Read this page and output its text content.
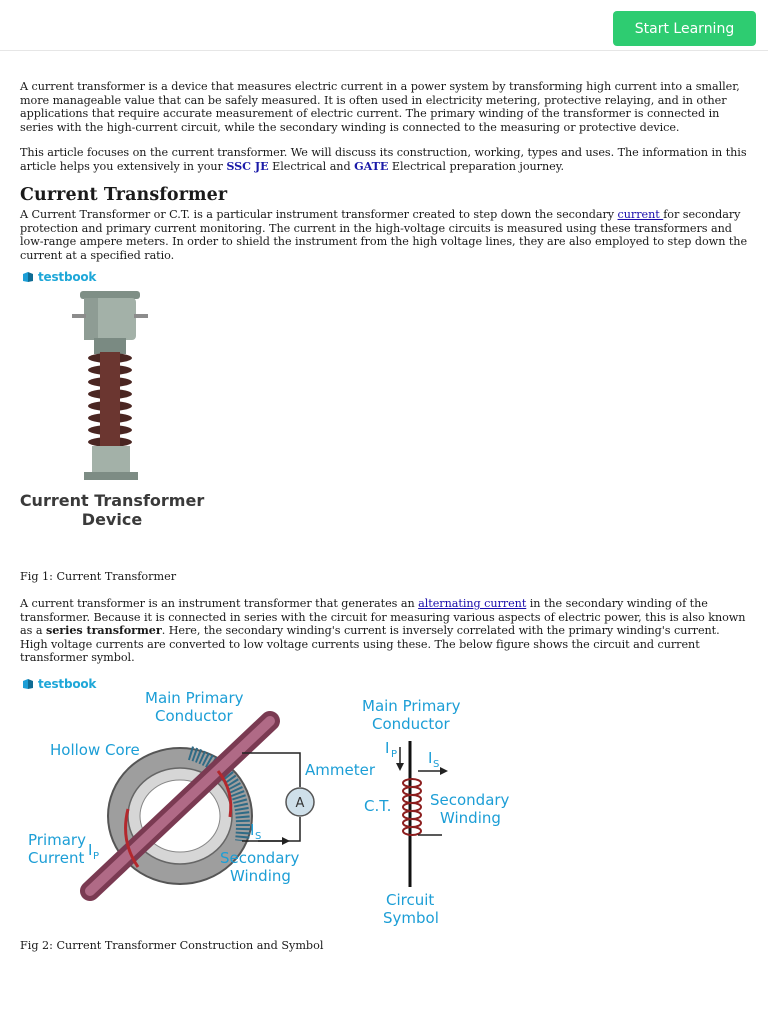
Start Learning

A current transformer is a device that measures electric current in a power system by transforming high current into a smaller, more manageable value that can be safely measured. It is often used in electricity metering, protective relaying, and in other applications that require accurate measurement of electric current. The primary winding of the transformer is connected in series with the high-current circuit, while the secondary winding is connected to the measuring or protective device.

This article focuses on the current transformer. We will discuss its construction, working, types and uses. The information in this article helps you extensively in your SSC JE Electrical and GATE Electrical preparation journey.

Current Transformer

A Current Transformer or C.T. is a particular instrument transformer created to step down the secondary current for secondary protection and primary current monitoring. The current in the high-voltage circuits is measured using these transformers and low-range ampere meters. In order to shield the instrument from the high voltage lines, they are also employed to step down the current at a specified ratio.

testbook
Current Transformer
Device

Fig 1: Current Transformer

A current transformer is an instrument transformer that generates an alternating current in the secondary winding of the transformer. Because it is connected in series with the circuit for measuring various aspects of electric power, this is also known as a series transformer. Here, the secondary winding's current is inversely correlated with the primary winding's current. High voltage currents are converted to low voltage currents using these. The below figure shows the circuit and current transformer symbol.

testbook
A
Main Primary
Conductor
Hollow Core
Ammeter
Primary
Current I P
I S
Secondary
Winding
Main Primary
Conductor
I P I S
C.T.	Secondary
Winding
Circuit
Symbol

Fig 2: Current Transformer Construction and Symbol
